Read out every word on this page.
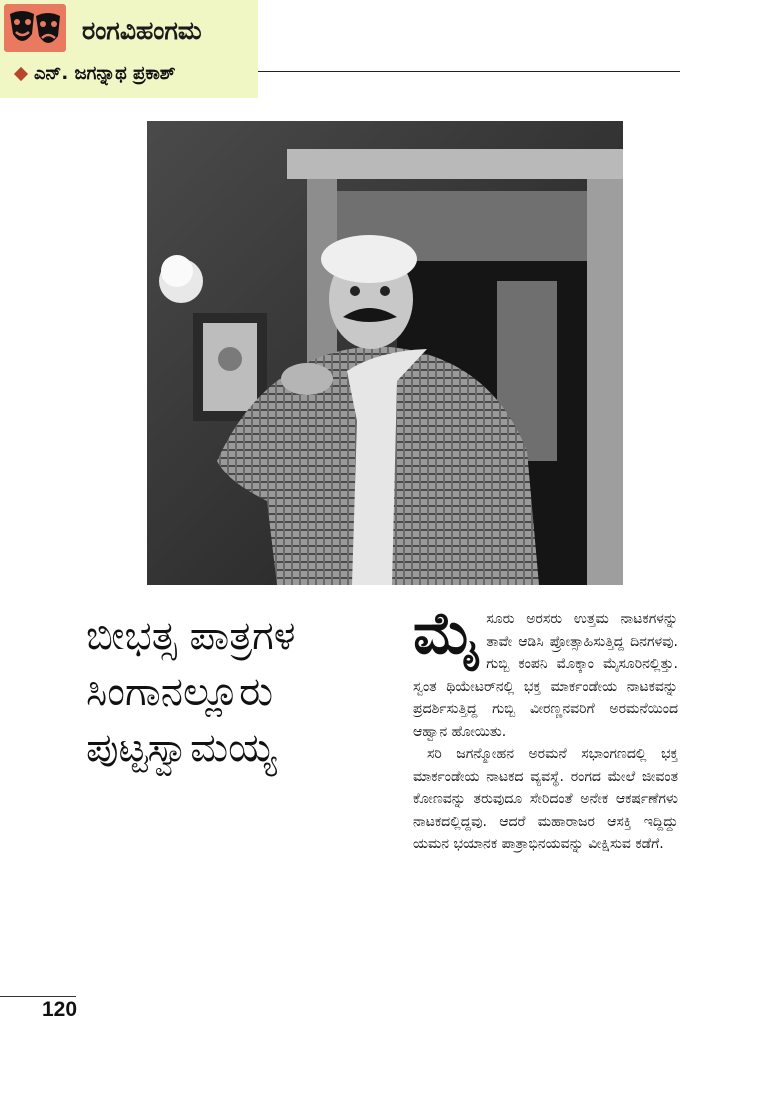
ರಂಗವಿಹಂಗಮ
ಎನ್. ಜಗನ್ನಾಥ ಪ್ರಕಾಶ್
ಬೀಭತ್ಸ ಪಾತ್ರಗಳ
ಸಿಂಗಾನಲ್ಲೂರು
ಪುಟ್ಟಸ್ವಾಮಯ್ಯ

ಮೈಸೂರು ಅರಸರು ಉತ್ತಮ ನಾಟಕಗಳನ್ನು ತಾವೇ ಆಡಿಸಿ ಪ್ರೋತ್ಸಾಹಿಸುತ್ತಿದ್ದ ದಿನಗಳವು. ಗುಬ್ಬಿ ಕಂಪನಿ ಮೊಕ್ಕಾಂ ಮೈಸೂರಿನಲ್ಲಿತ್ತು. ಸ್ವಂತ ಥಿಯೇಟರ್‌ನಲ್ಲಿ ಭಕ್ತ ಮಾರ್ಕಂಡೇಯ ನಾಟಕವನ್ನು ಪ್ರದರ್ಶಿಸುತ್ತಿದ್ದ ಗುಬ್ಬಿ ವೀರಣ್ಣನವರಿಗೆ ಅರಮನೆಯಿಂದ ಆಹ್ವಾನ ಹೋಯಿತು.

ಸರಿ ಜಗನ್ಮೋಹನ ಅರಮನೆ ಸಭಾಂಗಣದಲ್ಲಿ ಭಕ್ತ ಮಾರ್ಕಂಡೇಯ ನಾಟಕದ ವ್ಯವಸ್ಥೆ. ರಂಗದ ಮೇಲೆ ಜೀವಂತ ಕೋಣವನ್ನು ತರುವುದೂ ಸೇರಿದಂತೆ ಅನೇಕ ಆಕರ್ಷಣೆಗಳು ನಾಟಕದಲ್ಲಿದ್ದವು. ಆದರೆ ಮಹಾರಾಜರ ಆಸಕ್ತಿ ಇದ್ದಿದ್ದು ಯಮನ ಭಯಾನಕ ಪಾತ್ರಾಭಿನಯವನ್ನು ವೀಕ್ಷಿಸುವ ಕಡೆಗೆ.

120
